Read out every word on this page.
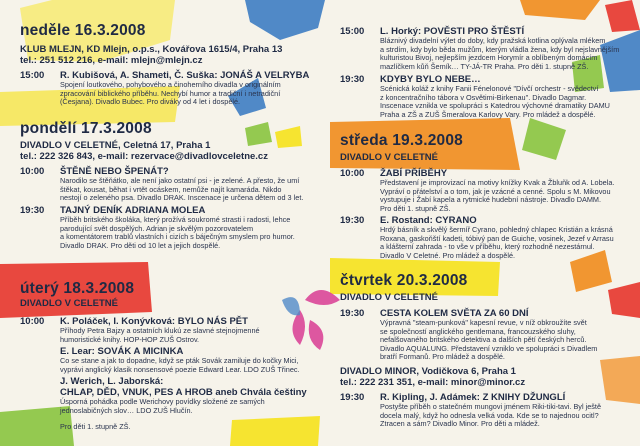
neděle 16.3.2008
KLUB MLEJN, KD Mlejn, o.p.s., Kovářova 1615/4, Praha 13
tel.: 251 512 216, e-mail: mlejn@mlejn.cz
15:00 R. Kubišová, A. Shameti, Č. Suška: JONÁŠ A VELRYBA
Spojení loutkového, pohybového a činoherního divadla v originálním
zpracování biblického příběhu. Nechybí humor a tradiční i netradiční
(Česjana). Divadlo Bubec. Pro diváky od 4 let i dospělé.
pondělí 17.3.2008
DIVADLO V CELETNÉ, Celetná 17, Praha 1
tel.: 222 326 843, e-mail: rezervace@divadlovceletne.cz
10:00 ŠTĚNĚ NEBO ŠPENÁT?
Narodilo se štěňátko, ale není jako ostatní psi - je zelené. A přesto, že umí
štěkat, kousat, běhat i vrtět ocáskem, nemůže najít kamaráda. Nikdo
nestojí o zeleného psa. Divadlo DRAK. Inscenace je určena dětem od 3 let.
19:30 TAJNÝ DENÍK ADRIANA MOLEA
Příběh britského školáka, který prožívá soukromé strasti i radosti, lehce
parodující svět dospělých. Adrian je skvělým pozorovatelem
a komentátorem trablů vlastních i cizích s báječným smyslem pro humor.
Divadlo DRAK. Pro děti od 10 let a jejich dospělé.
úterý 18.3.2008
DIVADLO V CELETNÉ
10:00 K. Poláček, I. Konývková: BYLO NÁS PĚT
Příhody Petra Bajzy a ostatních klukú ze slavné stejnojmenné
humoristické knihy. HOP-HOP ZUŠ Ostrov.
E. Lear: SOVÁK A MICINKA
Co se stane a jak to dopadne, když se pták Sovák zamiluje do kočky Mici,
vyprávi anglický klasik nonsensové poezie Edward Lear. LDO ZUŠ Třinec.
J. Werich, L. Jaborská:
CHLAP, DĚD, VNUK, PES A HROB aneb Chvála češtiny
Úsporná pohádka podle Werichovy povídky složené ze samých
jednoslabičných slov… LDO ZUŠ Hlučín.
Pro děti 1. stupně ZŠ.
15:00 L. Horký: POVĚSTI PRO ŠTĚSTÍ
Bláznivý divadelní výlet do doby, kdy pražská kotlina oplývala mlékem
a strdím, kdy bylo běda mužům, kterým vládla žena, kdy byl nejslavnějším
kulturistou Bivoj, nejlepším jezdcem Horymír a oblíbeným domácím
mazlíčkem kůň Šemík… TY-JÁ-TR Praha. Pro děti 1. stupně ZŠ.
19:30 KDYBY BYLO NEBE…
Scénická koláž z knihy Fanii Fénelonové "Dívčí orchestr - svědectví
z koncentračního tábora v Osvětimi-Birkenau". Divadlo Dagmar.
Inscenace vznikla ve spolupráci s Katedrou výchovné dramatiky DAMU
Praha a ZŠ a ZUŠ Šmeralova Karlovy Vary. Pro mládež a dospělé.
středa 19.3.2008
DIVADLO V CELETNÉ
10:00 ŽABÍ PŘÍBĚHY
Představení je improvizací na motivy knížky Kvak a Žbluňk od A. Lobela.
Vypráví o přátelství a o tom, jak je vzácné a cenné. Spolu s M. Mikovou
vystupuje i Žabí kapela a rytmické hudební nástroje. Divadlo DAMM.
Pro děti 1. stupně ZŠ.
19:30 E. Rostand: CYRANO
Hrdý básník a skvělý šermíř Cyrano, pohledný chlapec Kristián a krásná
Roxana, gaskoňští kadeti, tóbivý pan de Guiche, vosinek, Jezef v Arrasu
a klášterní zahrada - to vše v příběhu, který rozhodně nezestárnul.
Divadlo V Celetné. Pro mládež a dospělé.
čtvrtek 20.3.2008
DIVADLO V CELETNÉ
19:30 CESTA KOLEM SVĚTA ZA 60 DNÍ
Výpravná "steam-punková" kapesní revue, v níž obkroužíte svět
se společností anglického gentlemana, francouzského sluhy,
nefalšovaného britského detektiva a dalších pětí českých herců.
Divadlo AQUALUNG. Představení vzniklo ve spolupráci s Divadlem
bratří Formanů. Pro mládež a dospělé.
DIVADLO MINOR, Vodičkova 6, Praha 1
tel.: 222 231 351, e-mail: minor@minor.cz
19:30 R. Kipling, J. Adámek: Z KNIHY DŽUNGLÍ
Postyšte příběh o statečném mungovi jménem Riki-tiki-tavi. Byl ještě
docela malý, když ho odnesla velká voda. Kde se to najednou ocitl?
Ztracen a sám? Divadlo Minor. Pro děti a mládež.
